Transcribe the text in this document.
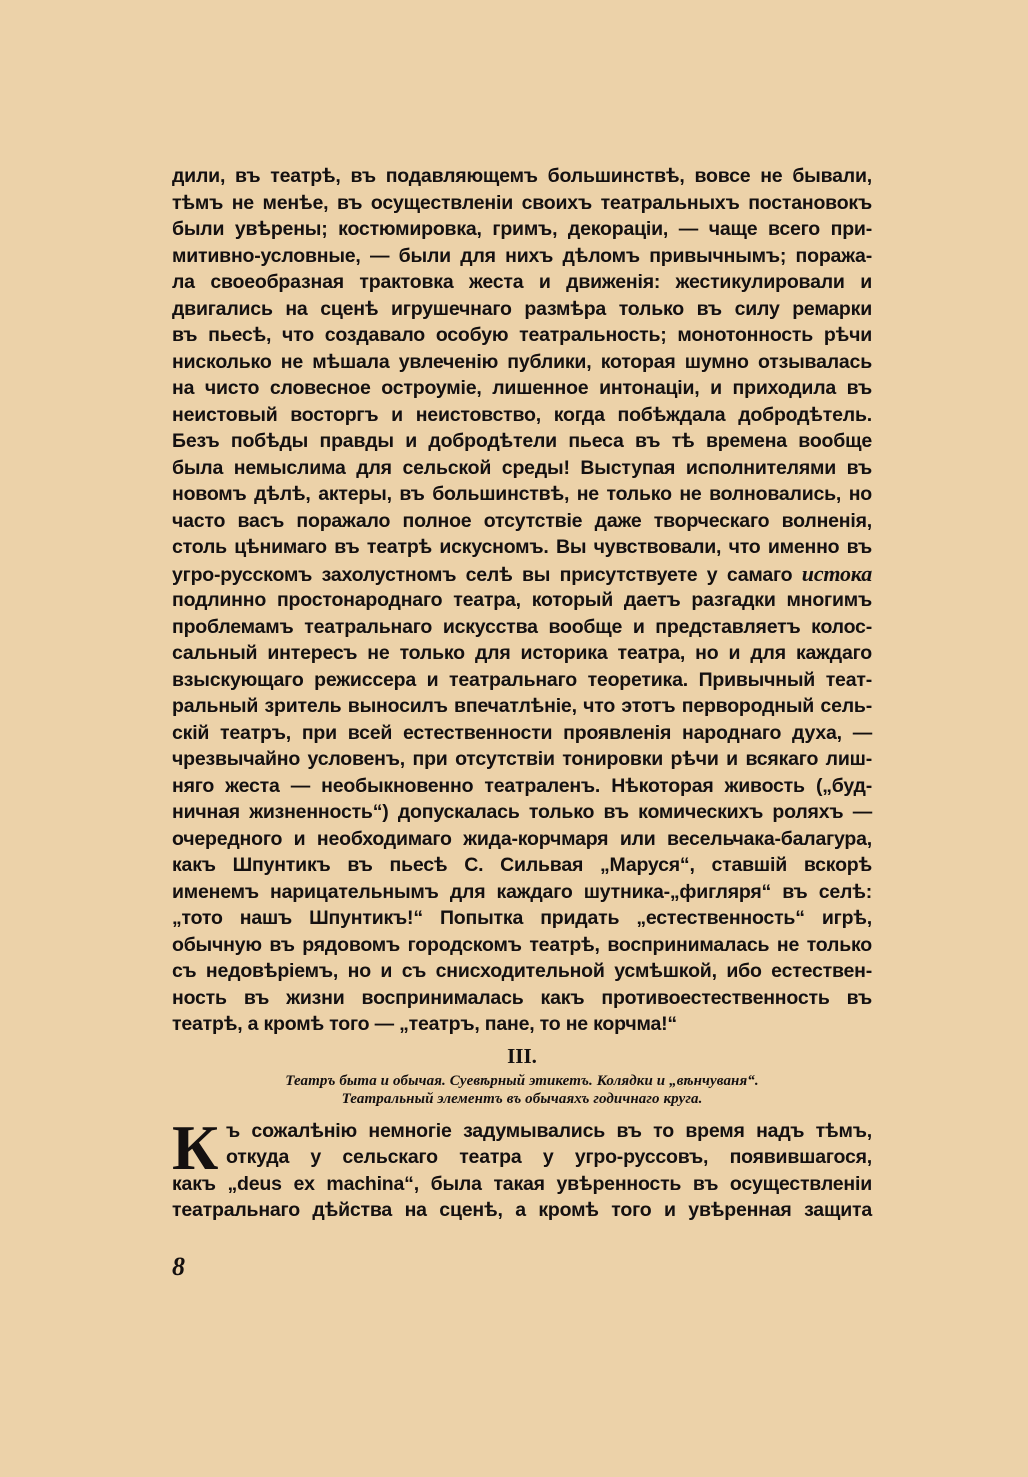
дили, въ театрѣ, въ подавляющемъ большинствѣ, вовсе не бывали,
тѣмъ не менѣе, въ осуществленіи своихъ театральныхъ постановокъ
были увѣрены; костюмировка, гримъ, декораціи, — чаще всего при-
митивно-условные, — были для нихъ дѣломъ привычнымъ; поража-
ла своеобразная трактовка жеста и движенія: жестикулировали и
двигались на сценѣ игрушечнаго размѣра только въ силу ремарки
въ пьесѣ, что создавало особую театральность; монотонность рѣчи
нисколько не мѣшала увлеченію публики, которая шумно отзывалась
на чисто словесное остроуміе, лишенное интонаціи, и приходила въ
неистовый восторгъ и неистовство, когда побѣждала добродѣтель.
Безъ побѣды правды и добродѣтели пьеса въ тѣ времена вообще
была немыслима для сельской среды! Выступая исполнителями въ
новомъ дѣлѣ, актеры, въ большинствѣ, не только не волновались, но
часто васъ поражало полное отсутствіе даже творческаго волненія,
столь цѣнимаго въ театрѣ искусномъ. Вы чувствовали, что именно въ
угро-русскомъ захолустномъ селѣ вы присутствуете у самаго истока
подлинно простонароднаго театра, который даетъ разгадки многимъ
проблемамъ театральнаго искусства вообще и представляетъ колос-
сальный интересъ не только для историка театра, но и для каждаго
взыскующаго режиссера и театральнаго теоретика. Привычный теат-
ральный зритель выносилъ впечатлѣніе, что этотъ первородный сель-
скій театръ, при всей естественности проявленія народнаго духа, —
чрезвычайно условенъ, при отсутствіи тонировки рѣчи и всякаго лиш-
няго жеста — необыкновенно театраленъ. Нѣкоторая живость („буд-
ничная жизненность“) допускалась только въ комическихъ роляхъ —
очередного и необходимаго жида-корчмаря или весельчака-балагура,
какъ Шпунтикъ въ пьесѣ С. Сильвая „Маруся“, ставшій вскорѣ
именемъ нарицательнымъ для каждаго шутника-„фигляря“ въ селѣ:
„тото нашъ Шпунтикъ!“ Попытка придать „естественность“ игрѣ,
обычную въ рядовомъ городскомъ театрѣ, воспринималась не только
съ недовѣріемъ, но и съ снисходительной усмѣшкой, ибо естествен-
ность въ жизни воспринималась какъ противоестественность въ
театрѣ, а кромѣ того — „театръ, пане, то не корчма!“
III.

Театръ быта и обычая. Суевѣрный этикетъ. Колядки и „вѣнчуваня“.

Театральный элементъ въ обычаяхъ годичнаго круга.

К ъ сожалѣнію немногіе задумывались въ то время надъ тѣмъ,
откуда у сельскаго театра у угро-руссовъ, появившагося,
какъ „deus ex machina“, была такая увѣренность въ осуществленіи
театральнаго дѣйства на сценѣ, а кромѣ того и увѣренная защита
8
